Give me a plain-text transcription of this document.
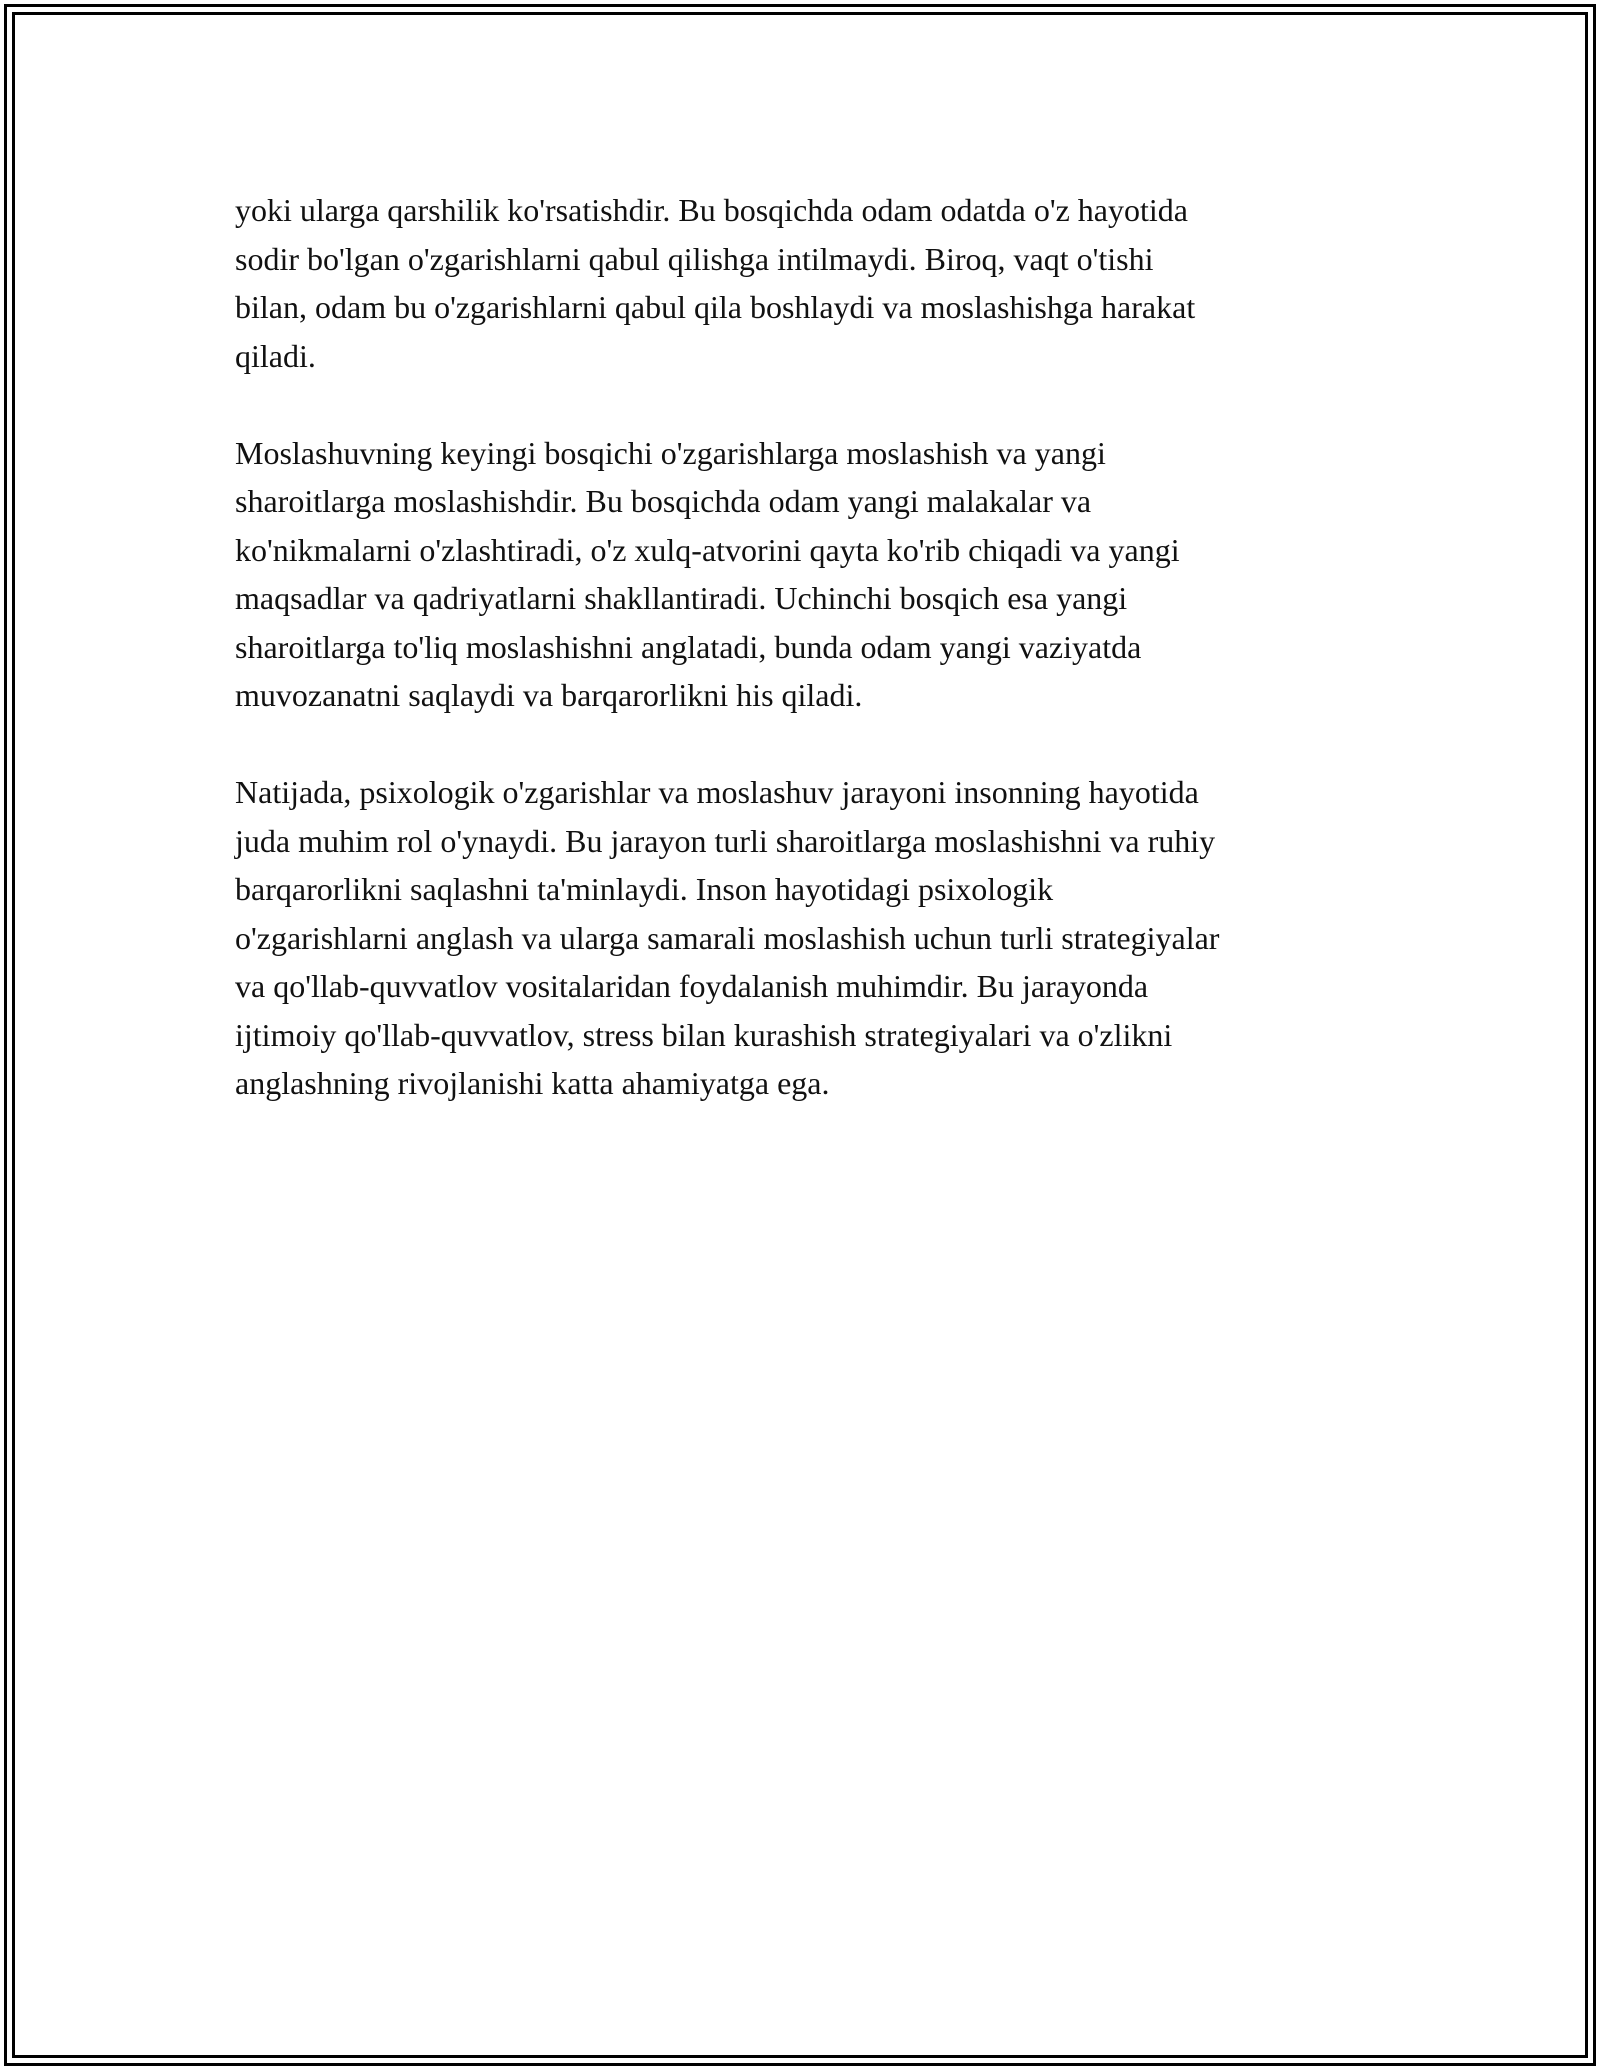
yoki ularga qarshilik ko'rsatishdir. Bu bosqichda odam odatda o'z hayotida
sodir bo'lgan o'zgarishlarni qabul qilishga intilmaydi. Biroq, vaqt o'tishi
bilan, odam bu o'zgarishlarni qabul qila boshlaydi va moslashishga harakat
qiladi.

Moslashuvning keyingi bosqichi o'zgarishlarga moslashish va yangi
sharoitlarga moslashishdir. Bu bosqichda odam yangi malakalar va
ko'nikmalarni o'zlashtiradi, o'z xulq-atvorini qayta ko'rib chiqadi va yangi
maqsadlar va qadriyatlarni shakllantiradi. Uchinchi bosqich esa yangi
sharoitlarga to'liq moslashishni anglatadi, bunda odam yangi vaziyatda
muvozanatni saqlaydi va barqarorlikni his qiladi.

Natijada, psixologik o'zgarishlar va moslashuv jarayoni insonning hayotida
juda muhim rol o'ynaydi. Bu jarayon turli sharoitlarga moslashishni va ruhiy
barqarorlikni saqlashni ta'minlaydi. Inson hayotidagi psixologik
o'zgarishlarni anglash va ularga samarali moslashish uchun turli strategiyalar
va qo'llab-quvvatlov vositalaridan foydalanish muhimdir. Bu jarayonda
ijtimoiy qo'llab-quvvatlov, stress bilan kurashish strategiyalari va o'zlikni
anglashning rivojlanishi katta ahamiyatga ega.
